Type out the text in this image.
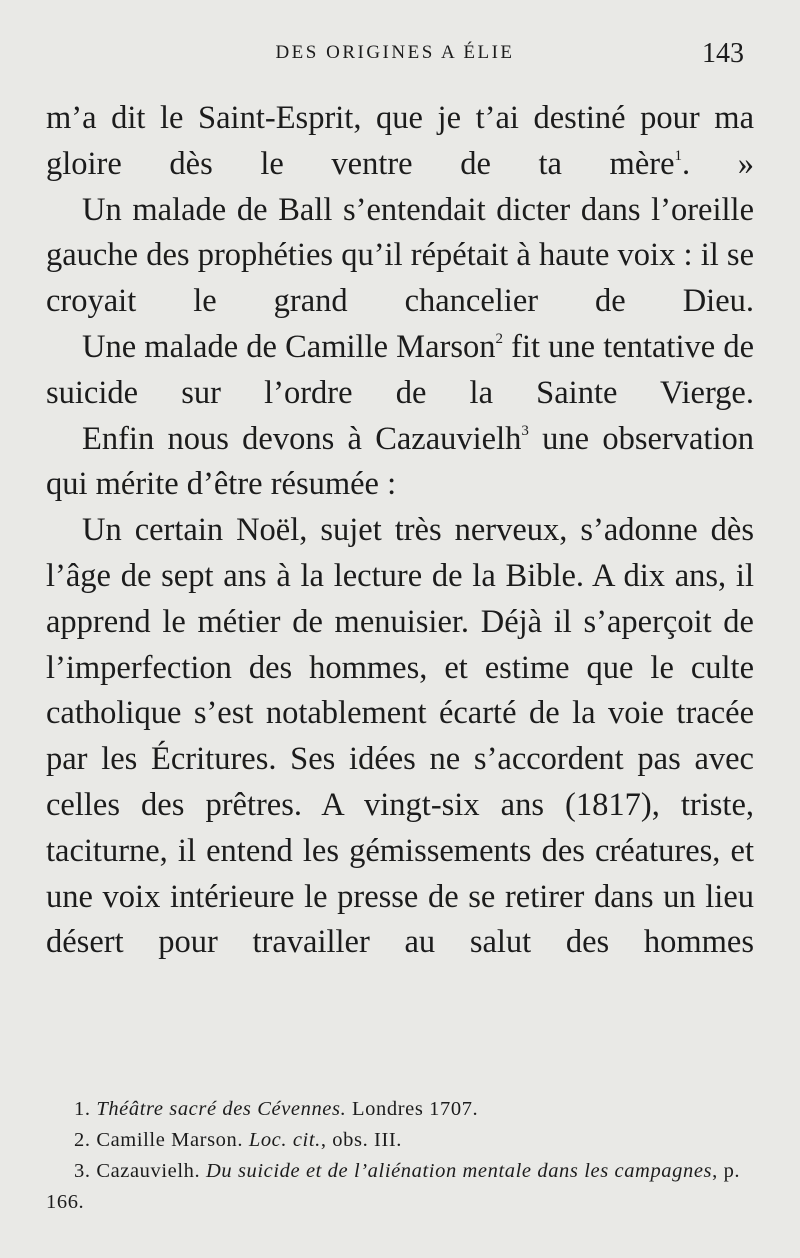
DES ORIGINES A ÉLIE	143

m’a dit le Saint-Esprit, que je t’ai destiné pour ma gloire dès le ventre de ta mère$^1$. »

Un malade de Ball s’entendait dicter dans l’oreille gauche des prophéties qu’il répétait à haute voix : il se croyait le grand chancelier de Dieu.

Une malade de Camille Marson$^2$ fit une tentative de suicide sur l’ordre de la Sainte Vierge.

Enfin nous devons à Cazauvielh$^3$ une observation qui mérite d’être résumée :

Un certain Noël, sujet très nerveux, s’adonne dès l’âge de sept ans à la lecture de la Bible. A dix ans, il apprend le métier de menuisier. Déjà il s’aperçoit de l’imperfection des hommes, et estime que le culte catholique s’est notablement écarté de la voie tracée par les Écritures. Ses idées ne s’accordent pas avec celles des prêtres. A vingt-six ans (1817), triste, taciturne, il entend les gémissements des créatures, et une voix intérieure le presse de se retirer dans un lieu désert pour travailler au salut des hommes

1. Théâtre sacré des Cévennes. Londres 1707.

2. Camille Marson. Loc. cit., obs. III.

3. Cazauvielh. Du suicide et de l’aliénation mentale dans les campagnes, p. 166.
